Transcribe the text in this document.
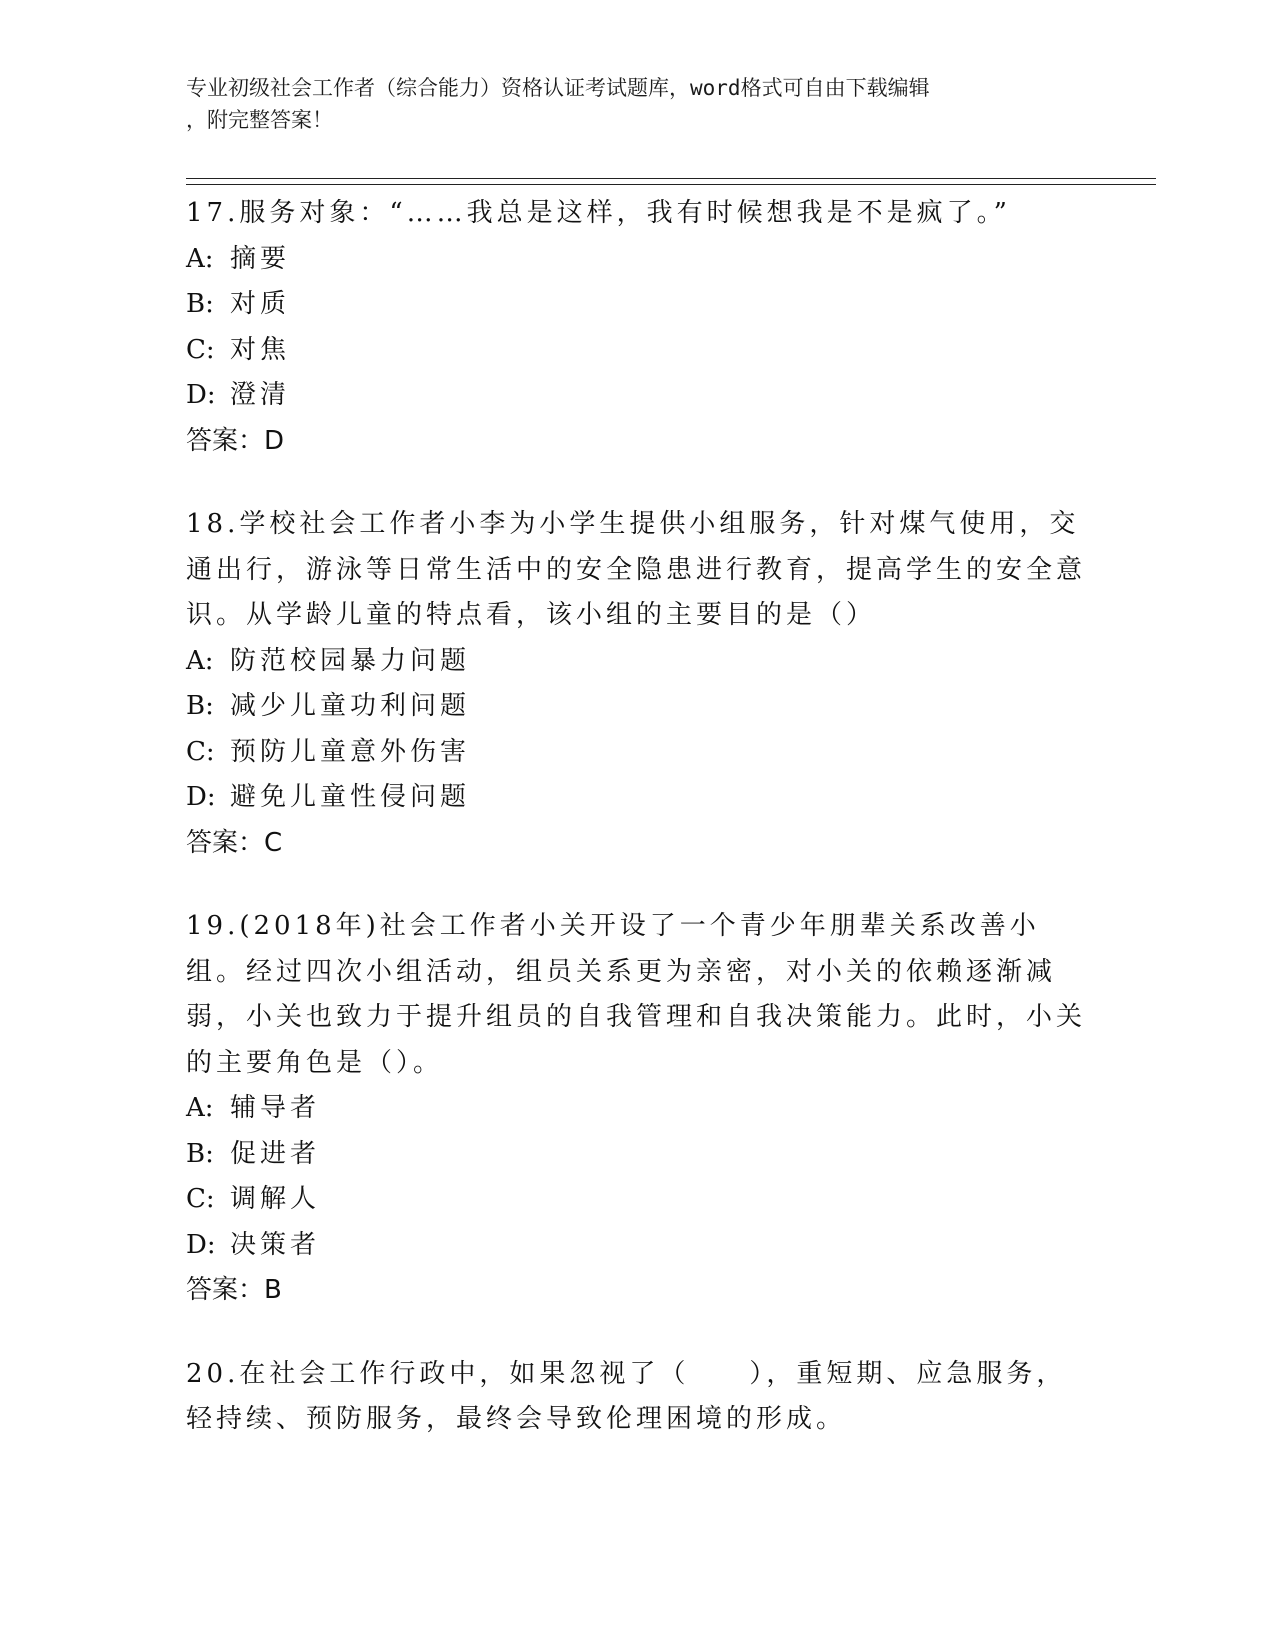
专业初级社会工作者（综合能力）资格认证考试题库，word格式可自由下载编辑
，附完整答案！

17.服务对象：“……我总是这样，我有时候想我是不是疯了。”

A: 摘要

B: 对质

C: 对焦

D: 澄清

答案：D

18.学校社会工作者小李为小学生提供小组服务，针对煤气使用，交通出行，游泳等日常生活中的安全隐患进行教育，提高学生的安全意识。从学龄儿童的特点看，该小组的主要目的是（）

A: 防范校园暴力问题

B: 减少儿童功利问题

C: 预防儿童意外伤害

D: 避免儿童性侵问题

答案：C

19.(2018年)社会工作者小关开设了一个青少年朋辈关系改善小组。经过四次小组活动，组员关系更为亲密，对小关的依赖逐渐减弱，小关也致力于提升组员的自我管理和自我决策能力。此时，小关的主要角色是（）。

A: 辅导者

B: 促进者

C: 调解人

D: 决策者

答案：B

20.在社会工作行政中，如果忽视了（　　），重短期、应急服务，轻持续、预防服务，最终会导致伦理困境的形成。
